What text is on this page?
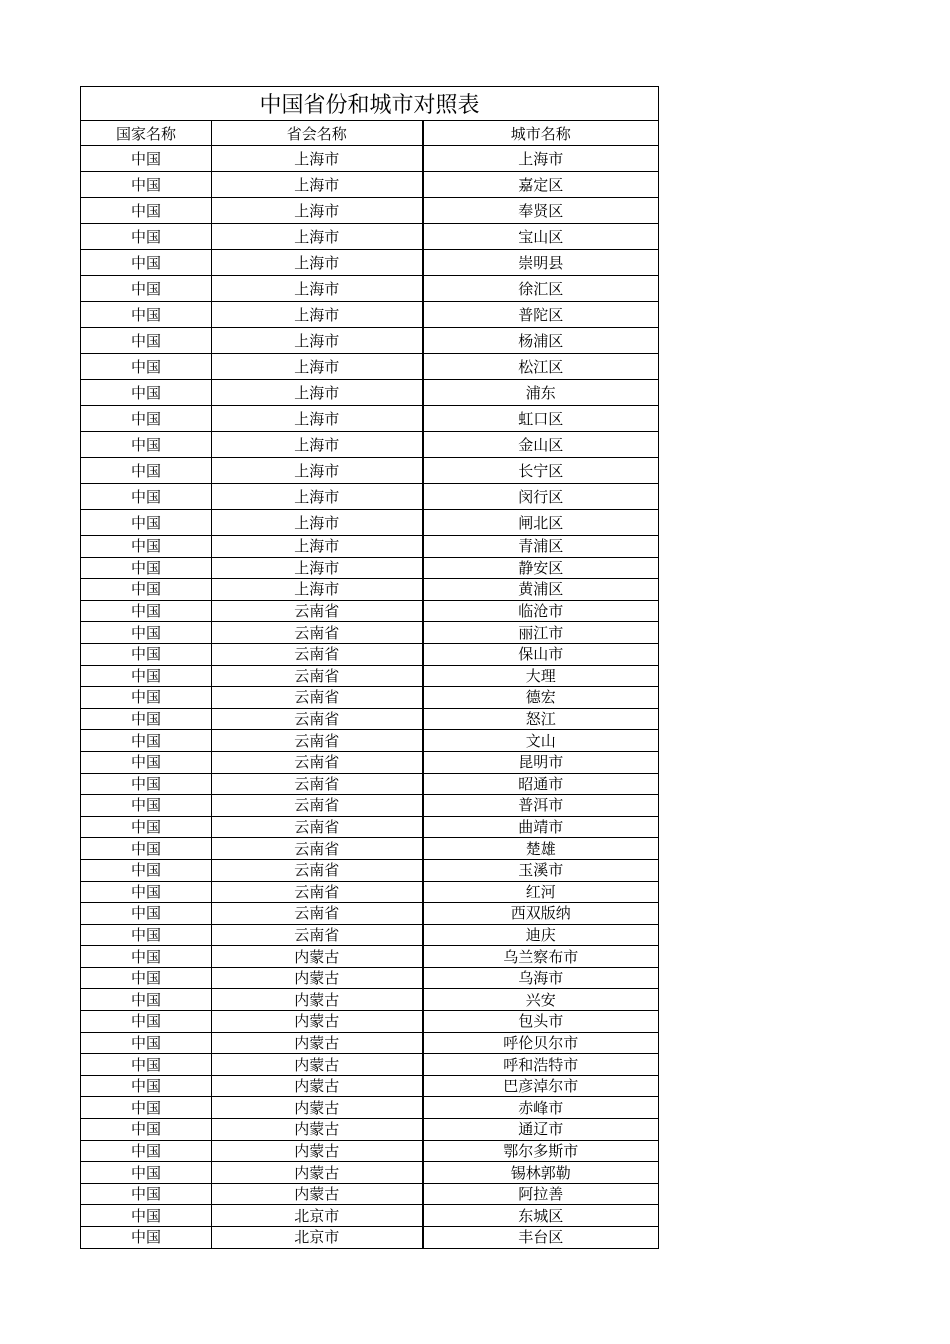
中国省份和城市对照表		
国家名称	省会名称	城市名称
中国	上海市	上海市
中国	上海市	嘉定区
中国	上海市	奉贤区
中国	上海市	宝山区
中国	上海市	崇明县
中国	上海市	徐汇区
中国	上海市	普陀区
中国	上海市	杨浦区
中国	上海市	松江区
中国	上海市	浦东
中国	上海市	虹口区
中国	上海市	金山区
中国	上海市	长宁区
中国	上海市	闵行区
中国	上海市	闸北区
中国	上海市	青浦区
中国	上海市	静安区
中国	上海市	黄浦区
中国	云南省	临沧市
中国	云南省	丽江市
中国	云南省	保山市
中国	云南省	大理
中国	云南省	德宏
中国	云南省	怒江
中国	云南省	文山
中国	云南省	昆明市
中国	云南省	昭通市
中国	云南省	普洱市
中国	云南省	曲靖市
中国	云南省	楚雄
中国	云南省	玉溪市
中国	云南省	红河
中国	云南省	西双版纳
中国	云南省	迪庆
中国	内蒙古	乌兰察布市
中国	内蒙古	乌海市
中国	内蒙古	兴安
中国	内蒙古	包头市
中国	内蒙古	呼伦贝尔市
中国	内蒙古	呼和浩特市
中国	内蒙古	巴彦淖尔市
中国	内蒙古	赤峰市
中国	内蒙古	通辽市
中国	内蒙古	鄂尔多斯市
中国	内蒙古	锡林郭勒
中国	内蒙古	阿拉善
中国	北京市	东城区
中国	北京市	丰台区
